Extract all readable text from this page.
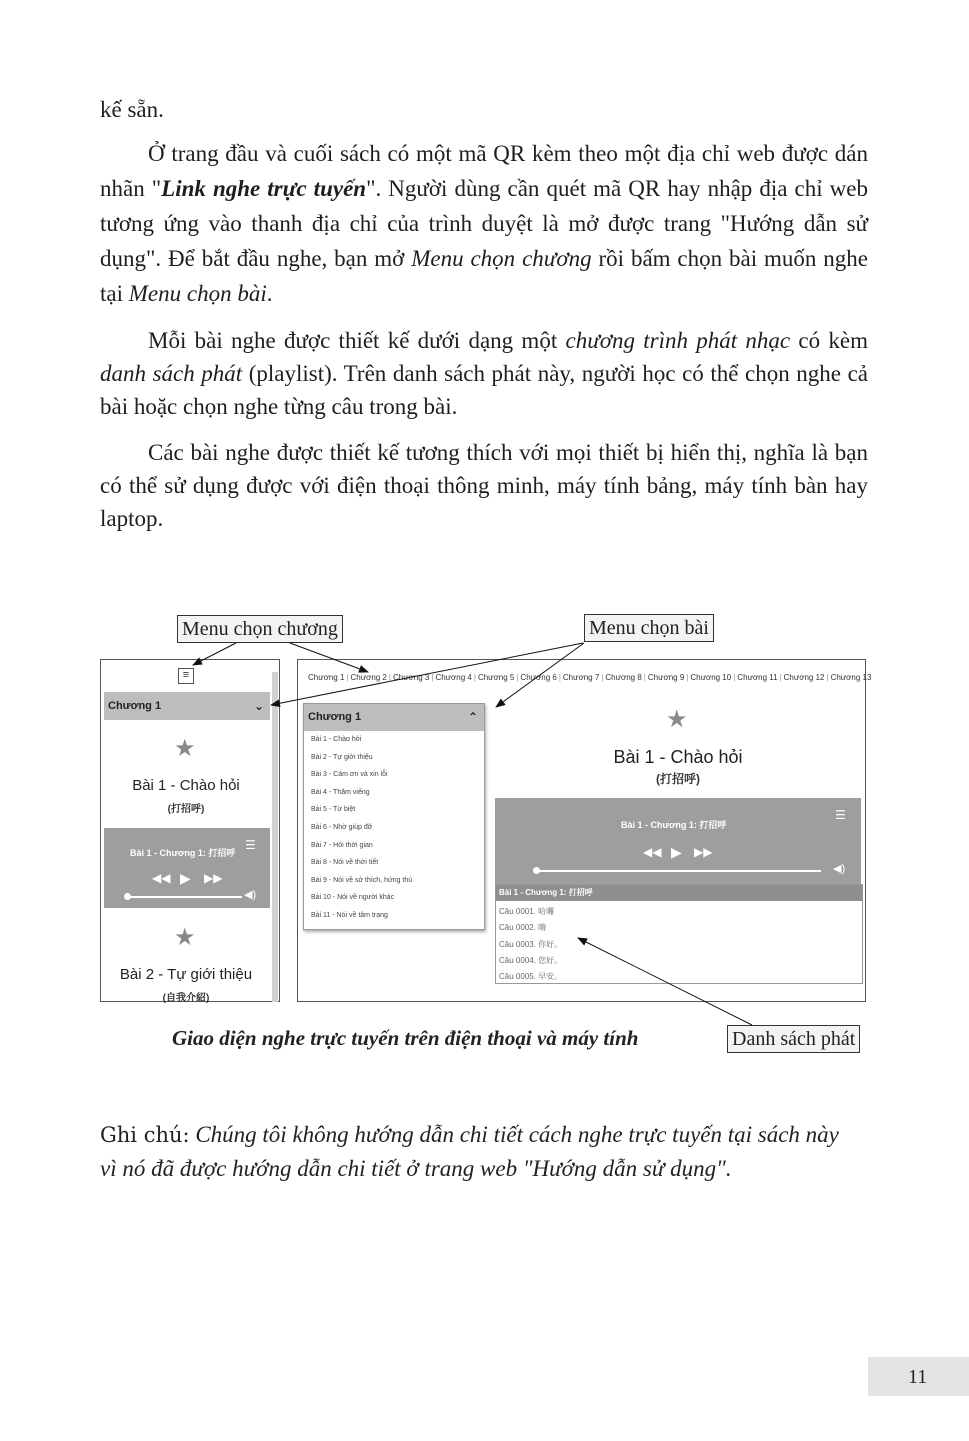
kế sẵn.

Ở trang đầu và cuối sách có một mã QR kèm theo một địa chỉ web được dán nhãn "Link nghe trực tuyến". Người dùng cần quét mã QR hay nhập địa chỉ web tương ứng vào thanh địa chỉ của trình duyệt là mở được trang "Hướng dẫn sử dụng". Để bắt đầu nghe, bạn mở Menu chọn chương rồi bấm chọn bài muốn nghe tại Menu chọn bài.

Mỗi bài nghe được thiết kế dưới dạng một chương trình phát nhạc có kèm danh sách phát (playlist). Trên danh sách phát này, người học có thể chọn nghe cả bài hoặc chọn nghe từng câu trong bài.

Các bài nghe được thiết kế tương thích với mọi thiết bị hiển thị, nghĩa là bạn có thể sử dụng được với điện thoại thông minh, máy tính bảng, máy tính bàn hay laptop.

≡
Chương 1	⌄
★
Bài 1 - Chào hỏi
(打招呼)
Bài 1 - Chương 1: 打招呼
☰
◀◀ ▶ ▶▶
◀)
★
Bài 2 - Tự giới thiệu
(自我介紹)
Chương 1 | Chương 2 | Chương 3 | Chương 4 | Chương 5 | Chương 6 | Chương 7 | Chương 8 | Chương 9 | Chương 10 | Chương 11 | Chương 12 | Chương 13
Chương 1	⌃
Bài 1 - Chào hỏi
Bài 2 - Tự giới thiệu
Bài 3 - Cảm ơn và xin lỗi
Bài 4 - Thăm viếng
Bài 5 - Từ biệt
Bài 6 - Nhờ giúp đỡ
Bài 7 - Hỏi thời gian
Bài 8 - Nói về thời tiết
Bài 9 - Nói về sở thích, hứng thú
Bài 10 - Nói về người khác
Bài 11 - Nói về tâm trạng
★
Bài 1 - Chào hỏi
(打招呼)
Bài 1 - Chương 1: 打招呼
☰
◀◀ ▶ ▶▶
◀)
Bài 1 - Chương 1: 打招呼
Câu 0001. 哈囉
Câu 0002. 嗨
Câu 0003. 你好。
Câu 0004. 您好。
Câu 0005. 早安。
Menu chọn chương	Menu chọn bài
Danh sách phát
Giao diện nghe trực tuyến trên điện thoại và máy tính

Ghi chú: Chúng tôi không hướng dẫn chi tiết cách nghe trực tuyến tại sách này vì nó đã được hướng dẫn chi tiết ở trang web "Hướng dẫn sử dụng".

11
